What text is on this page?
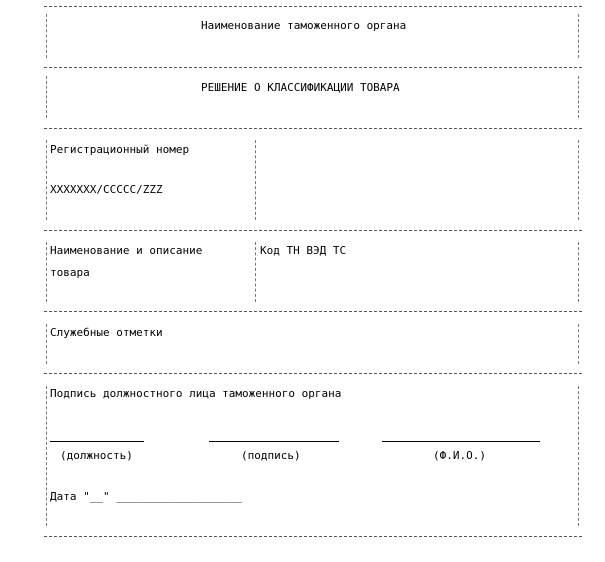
Наименование таможенного органа
РЕШЕНИЕ О КЛАССИФИКАЦИИ ТОВАРА
Регистрационный номер
XXXXXXX/CCCCC/ZZZ
Наименование и описание
товара
Код ТН ВЭД ТС
Служебные отметки
Подпись должностного лица таможенного органа
(должность)	(подпись)	(Ф.И.О.)
Дата "__" ___________________
